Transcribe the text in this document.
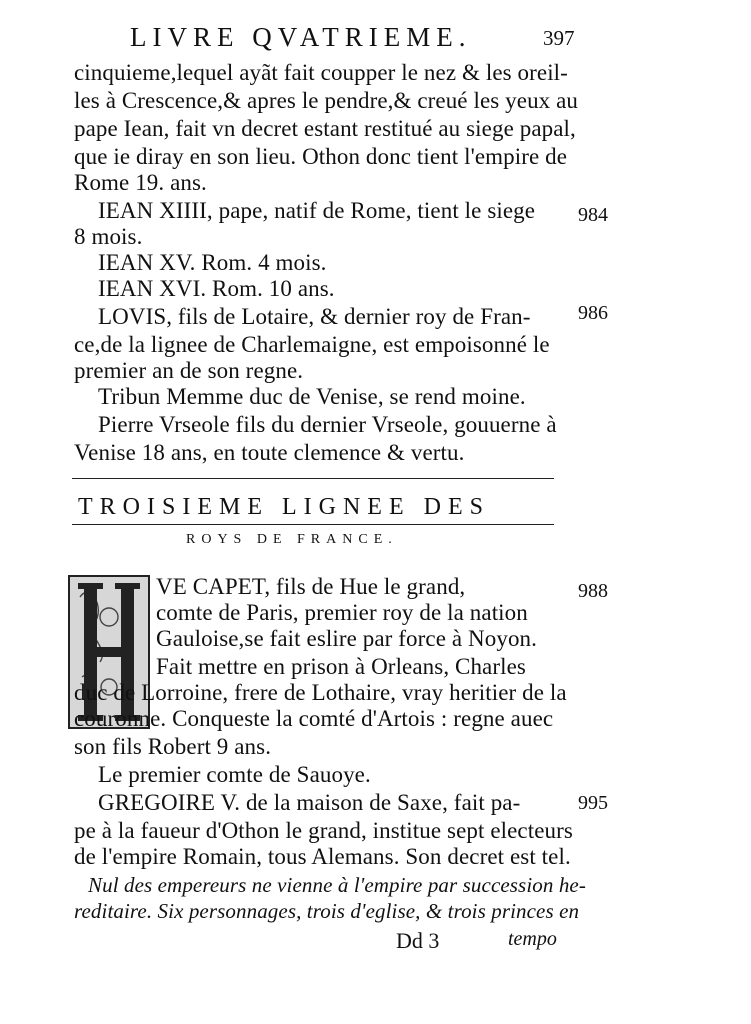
LIVRE QVATRIEME.	397
cinquieme,lequel ayãt fait coupper le nez & les oreil-
les à Crescence,& apres le pendre,& creué les yeux au
pape Iean, fait vn decret estant restitué au siege papal,
que ie diray en son lieu. Othon donc tient l'empire de
Rome 19. ans.
IEAN XIIII, pape, natif de Rome, tient le siege 984
8 mois.
IEAN XV. Rom. 4 mois.
IEAN XVI. Rom. 10 ans.
LOVIS, fils de Lotaire, & dernier roy de Fran- 986
ce,de la lignee de Charlemaigne, est empoisonné le
premier an de son regne.
Tribun Memme duc de Venise, se rend moine.
Pierre Vrseole fils du dernier Vrseole, gouuerne à
Venise 18 ans, en toute clemence & vertu.
TROISIEME LIGNEE DES
ROYS DE FRANCE.
VE CAPET, fils de Hue le grand,	988
comte de Paris, premier roy de la nation
Gauloise,se fait eslire par force à Noyon.
Fait mettre en prison à Orleans, Charles
duc de Lorroine, frere de Lothaire, vray heritier de la
couronne. Conqueste la comté d'Artois : regne auec
son fils Robert 9 ans.
Le premier comte de Sauoye.
GREGOIRE V. de la maison de Saxe, fait pa-	995
pe à la faueur d'Othon le grand, institue sept electeurs
de l'empire Romain, tous Alemans. Son decret est tel.
Nul des empereurs ne vienne à l'empire par succession he-
reditaire. Six personnages, trois d'eglise, & trois princes en
Dd 3	tempo
